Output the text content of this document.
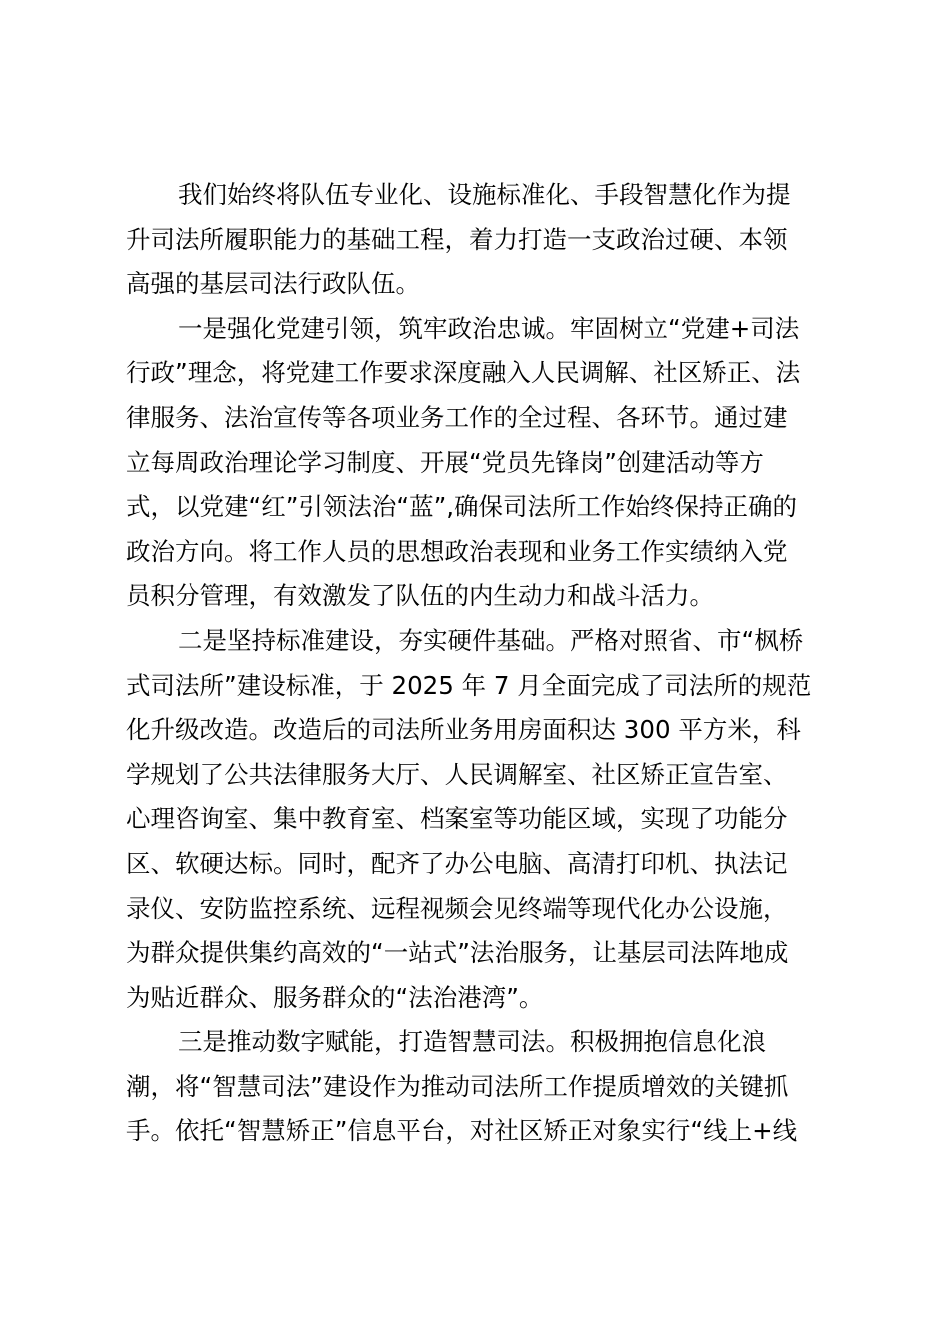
我们始终将队伍专业化、设施标准化、手段智慧化作为提
升司法所履职能力的基础工程，着力打造一支政治过硬、本领
高强的基层司法行政队伍。

一是强化党建引领，筑牢政治忠诚。牢固树立“党建+司法
行政”理念，将党建工作要求深度融入人民调解、社区矫正、法
律服务、法治宣传等各项业务工作的全过程、各环节。通过建
立每周政治理论学习制度、开展“党员先锋岗”创建活动等方
式，以党建“红”引领法治“蓝”,确保司法所工作始终保持正确的
政治方向。将工作人员的思想政治表现和业务工作实绩纳入党
员积分管理，有效激发了队伍的内生动力和战斗活力。

二是坚持标准建设，夯实硬件基础。严格对照省、市“枫桥
式司法所”建设标准，于 2025 年 7 月全面完成了司法所的规范
化升级改造。改造后的司法所业务用房面积达 300 平方米，科
学规划了公共法律服务大厅、人民调解室、社区矫正宣告室、
心理咨询室、集中教育室、档案室等功能区域，实现了功能分
区、软硬达标。同时，配齐了办公电脑、高清打印机、执法记
录仪、安防监控系统、远程视频会见终端等现代化办公设施，
为群众提供集约高效的“一站式”法治服务，让基层司法阵地成
为贴近群众、服务群众的“法治港湾”。

三是推动数字赋能，打造智慧司法。积极拥抱信息化浪
潮，将“智慧司法”建设作为推动司法所工作提质增效的关键抓
手。依托“智慧矫正”信息平台，对社区矫正对象实行“线上+线
